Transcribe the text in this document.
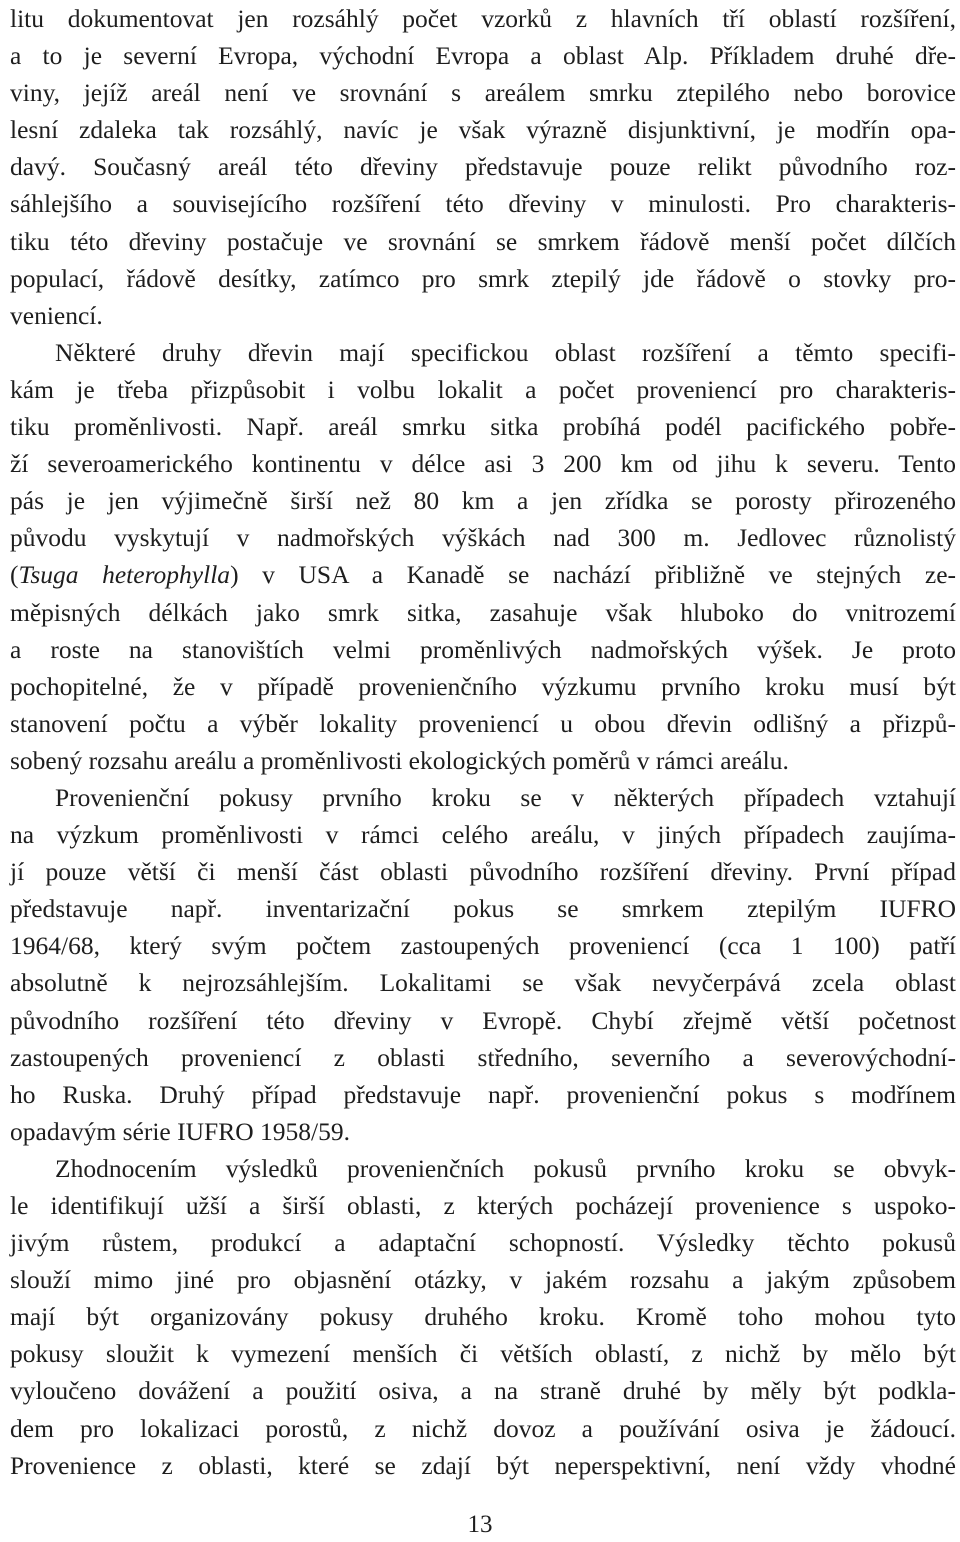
litu dokumentovat jen rozsáhlý počet vzorků z hlavních tří oblastí rozšíření,
a to je severní Evropa, východní Evropa a oblast Alp. Příkladem druhé dře-
viny, jejíž areál není ve srovnání s areálem smrku ztepilého nebo borovice
lesní zdaleka tak rozsáhlý, navíc je však výrazně disjunktivní, je modřín opa-
davý. Současný areál této dřeviny představuje pouze relikt původního roz-
sáhlejšího a souvisejícího rozšíření této dřeviny v minulosti. Pro charakteris-
tiku této dřeviny postačuje ve srovnání se smrkem řádově menší počet dílčích
populací, řádově desítky, zatímco pro smrk ztepilý jde řádově o stovky pro-
veniencí.
Některé druhy dřevin mají specifickou oblast rozšíření a těmto specifi-
kám je třeba přizpůsobit i volbu lokalit a počet proveniencí pro charakteris-
tiku proměnlivosti. Např. areál smrku sitka probíhá podél pacifického pobře-
ží severoamerického kontinentu v délce asi 3 200 km od jihu k severu. Tento
pás je jen výjimečně širší než 80 km a jen zřídka se porosty přirozeného
původu vyskytují v nadmořských výškách nad 300 m. Jedlovec různolistý
(Tsuga heterophylla) v USA a Kanadě se nachází přibližně ve stejných ze-
měpisných délkách jako smrk sitka, zasahuje však hluboko do vnitrozemí
a roste na stanovištích velmi proměnlivých nadmořských výšek. Je proto
pochopitelné, že v případě provenienčního výzkumu prvního kroku musí být
stanovení počtu a výběr lokality proveniencí u obou dřevin odlišný a přizpů-
sobený rozsahu areálu a proměnlivosti ekologických poměrů v rámci areálu.
Provenienční pokusy prvního kroku se v některých případech vztahují
na výzkum proměnlivosti v rámci celého areálu, v jiných případech zaujíma-
jí pouze větší či menší část oblasti původního rozšíření dřeviny. První případ
představuje např. inventarizační pokus se smrkem ztepilým IUFRO
1964/68, který svým počtem zastoupených proveniencí (cca 1 100) patří
absolutně k nejrozsáhlejším. Lokalitami se však nevyčerpává zcela oblast
původního rozšíření této dřeviny v Evropě. Chybí zřejmě větší početnost
zastoupených proveniencí z oblasti středního, severního a severovýchodní-
ho Ruska. Druhý případ představuje např. provenienční pokus s modřínem
opadavým série IUFRO 1958/59.
Zhodnocením výsledků provenienčních pokusů prvního kroku se obvyk-
le identifikují užší a širší oblasti, z kterých pocházejí provenience s uspoko-
jivým růstem, produkcí a adaptační schopností. Výsledky těchto pokusů
slouží mimo jiné pro objasnění otázky, v jakém rozsahu a jakým způsobem
mají být organizovány pokusy druhého kroku. Kromě toho mohou tyto
pokusy sloužit k vymezení menších či větších oblastí, z nichž by mělo být
vyloučeno dovážení a použití osiva, a na straně druhé by měly být podkla-
dem pro lokalizaci porostů, z nichž dovoz a používání osiva je žádoucí.
Provenience z oblasti, které se zdají být neperspektivní, není vždy vhodné
13
